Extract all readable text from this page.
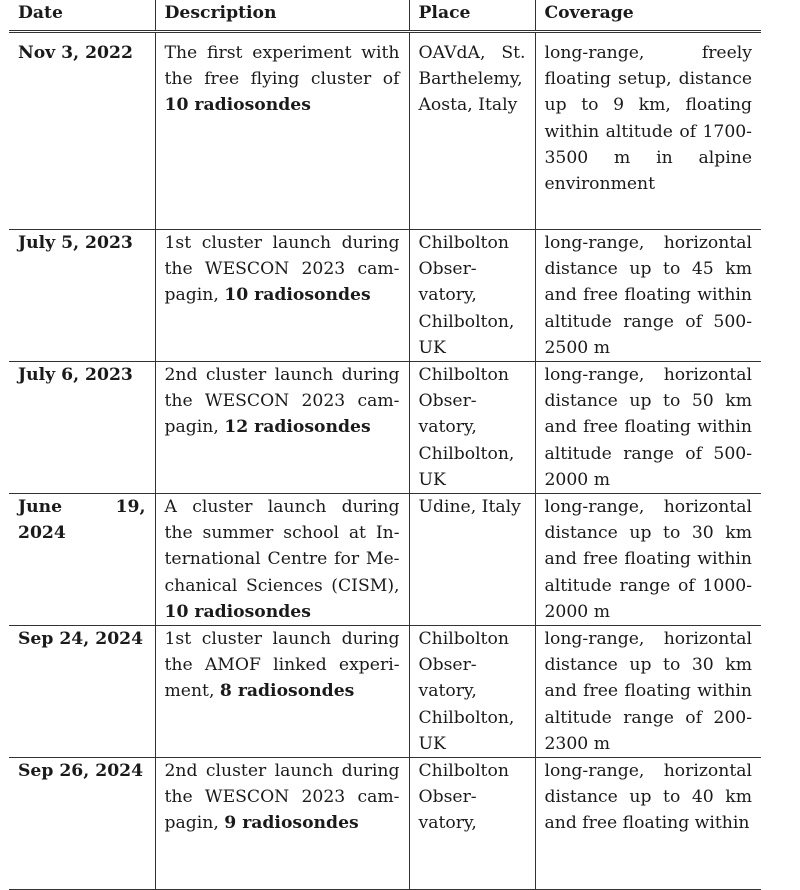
Date	Description	Place	Coverage
Nov 3, 2022	The first experiment with the free flying cluster of 10 radiosondes	OAVdA, St. Barthelemy, Aosta, Italy	long-range, freely floating setup, distance up to 9 km, floating within altitude of 1700-3500 m in alpine environment
July 5, 2023	1st cluster launch during the WESCON 2023 cam-pagin, 10 radiosondes	Chilbolton Obser-vatory, Chilbolton, UK	long-range, horizontal distance up to 45 km and free floating within altitude range of 500-2500 m
July 6, 2023	2nd cluster launch during the WESCON 2023 cam-pagin, 12 radiosondes	Chilbolton Obser-vatory, Chilbolton, UK	long-range, horizontal distance up to 50 km and free floating within altitude range of 500-2000 m
June 19, 2024	A cluster launch during the summer school at In-ternational Centre for Me-chanical Sciences (CISM), 10 radiosondes	Udine, Italy	long-range, horizontal distance up to 30 km and free floating within altitude range of 1000-2000 m
Sep 24, 2024	1st cluster launch during the AMOF linked experi-ment, 8 radiosondes	Chilbolton Obser-vatory, Chilbolton, UK	long-range, horizontal distance up to 30 km and free floating within altitude range of 200-2300 m
Sep 26, 2024	2nd cluster launch during the WESCON 2023 cam-pagin, 9 radiosondes	Chilbolton Obser-vatory,	long-range, horizontal distance up to 40 km and free floating within
